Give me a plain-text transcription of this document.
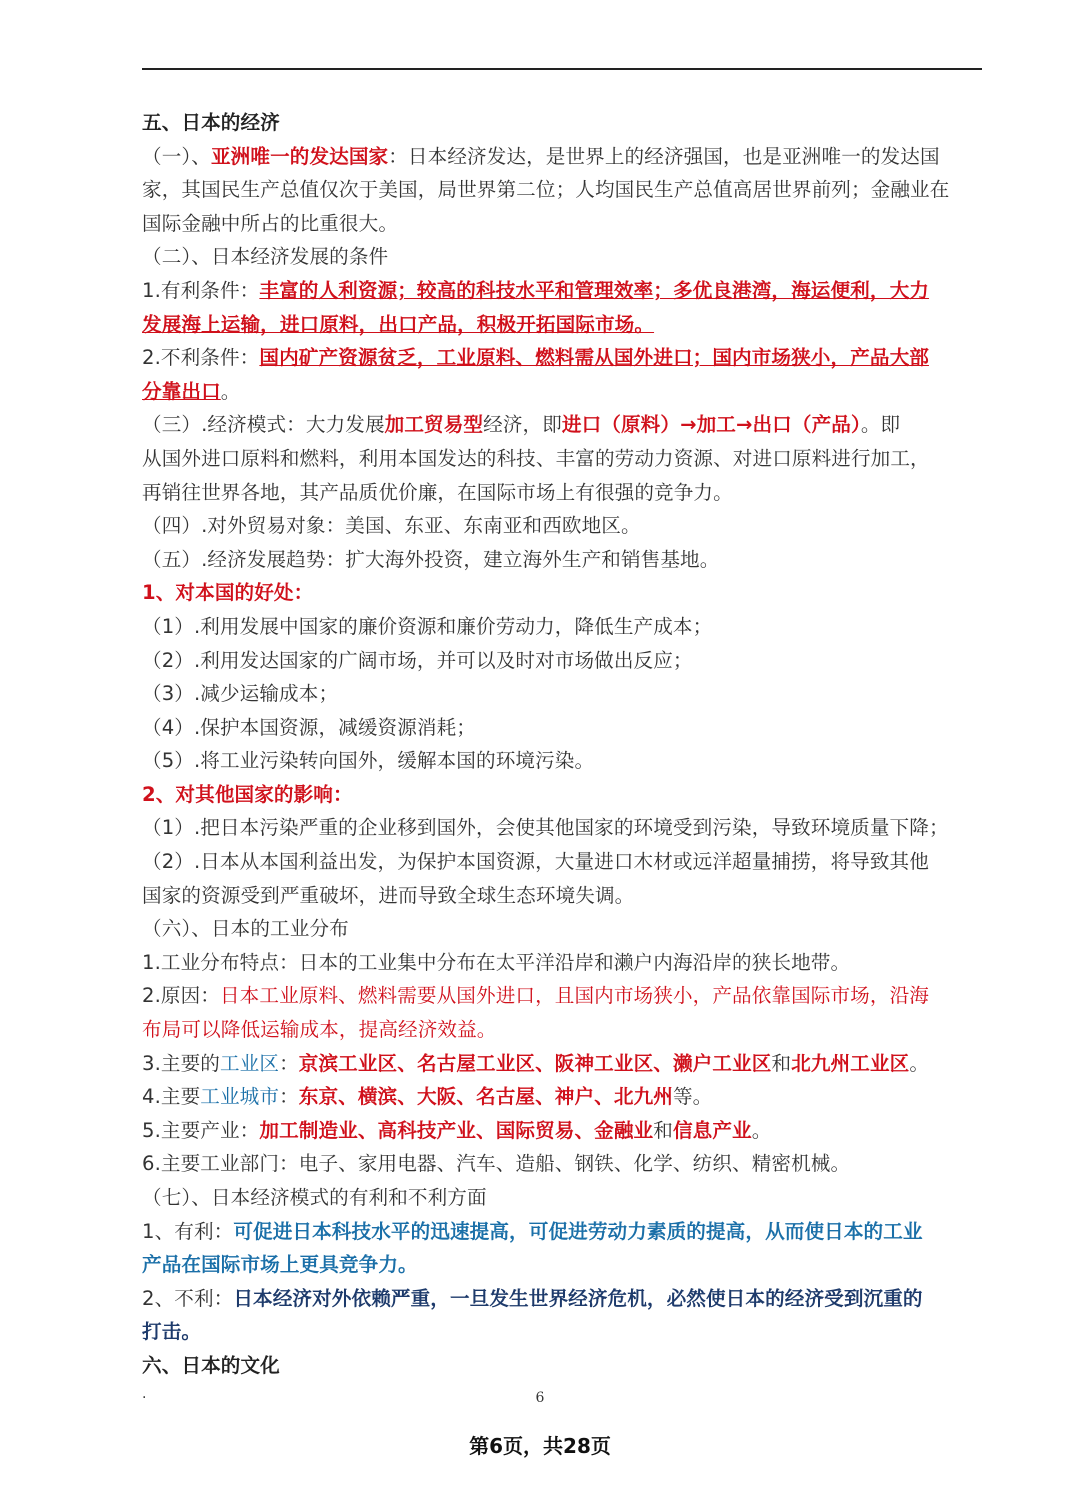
五、日本的经济
（一）、亚洲唯一的发达国家：日本经济发达，是世界上的经济强国，也是亚洲唯一的发达国
家，其国民生产总值仅次于美国，局世界第二位；人均国民生产总值高居世界前列；金融业在
国际金融中所占的比重很大。
（二）、日本经济发展的条件
1.有利条件：丰富的人利资源；较高的科技水平和管理效率；多优良港湾，海运便利，大力
发展海上运输，进口原料，出口产品，积极开拓国际市场。
2.不利条件：国内矿产资源贫乏，工业原料、燃料需从国外进口；国内市场狭小，产品大部
分靠出口。
（三）.经济模式：大力发展加工贸易型经济，即进口（原料）→加工→出口（产品）。即
从国外进口原料和燃料，利用本国发达的科技、丰富的劳动力资源、对进口原料进行加工，
再销往世界各地，其产品质优价廉，在国际市场上有很强的竞争力。
（四）.对外贸易对象：美国、东亚、东南亚和西欧地区。
（五）.经济发展趋势：扩大海外投资，建立海外生产和销售基地。
1、对本国的好处：
（1）.利用发展中国家的廉价资源和廉价劳动力，降低生产成本；
（2）.利用发达国家的广阔市场，并可以及时对市场做出反应；
（3）.减少运输成本；
（4）.保护本国资源，减缓资源消耗；
（5）.将工业污染转向国外，缓解本国的环境污染。
2、对其他国家的影响：
（1）.把日本污染严重的企业移到国外，会使其他国家的环境受到污染，导致环境质量下降；
（2）.日本从本国利益出发，为保护本国资源，大量进口木材或远洋超量捕捞，将导致其他
国家的资源受到严重破坏，进而导致全球生态环境失调。
（六）、日本的工业分布
1.工业分布特点：日本的工业集中分布在太平洋沿岸和濑户内海沿岸的狭长地带。
2.原因：日本工业原料、燃料需要从国外进口，且国内市场狭小，产品依靠国际市场，沿海
布局可以降低运输成本，提高经济效益。
3.主要的工业区：京滨工业区、名古屋工业区、阪神工业区、濑户工业区和北九州工业区。
4.主要工业城市：东京、横滨、大阪、名古屋、神户、北九州等。
5.主要产业：加工制造业、高科技产业、国际贸易、金融业和信息产业。
6.主要工业部门：电子、家用电器、汽车、造船、钢铁、化学、纺织、精密机械。
（七）、日本经济模式的有利和不利方面
1、有利：可促进日本科技水平的迅速提高，可促进劳动力素质的提高，从而使日本的工业
产品在国际市场上更具竞争力。
2、不利：日本经济对外依赖严重，一旦发生世界经济危机，必然使日本的经济受到沉重的
打击。
六、日本的文化
.	6
第6页，共28页
